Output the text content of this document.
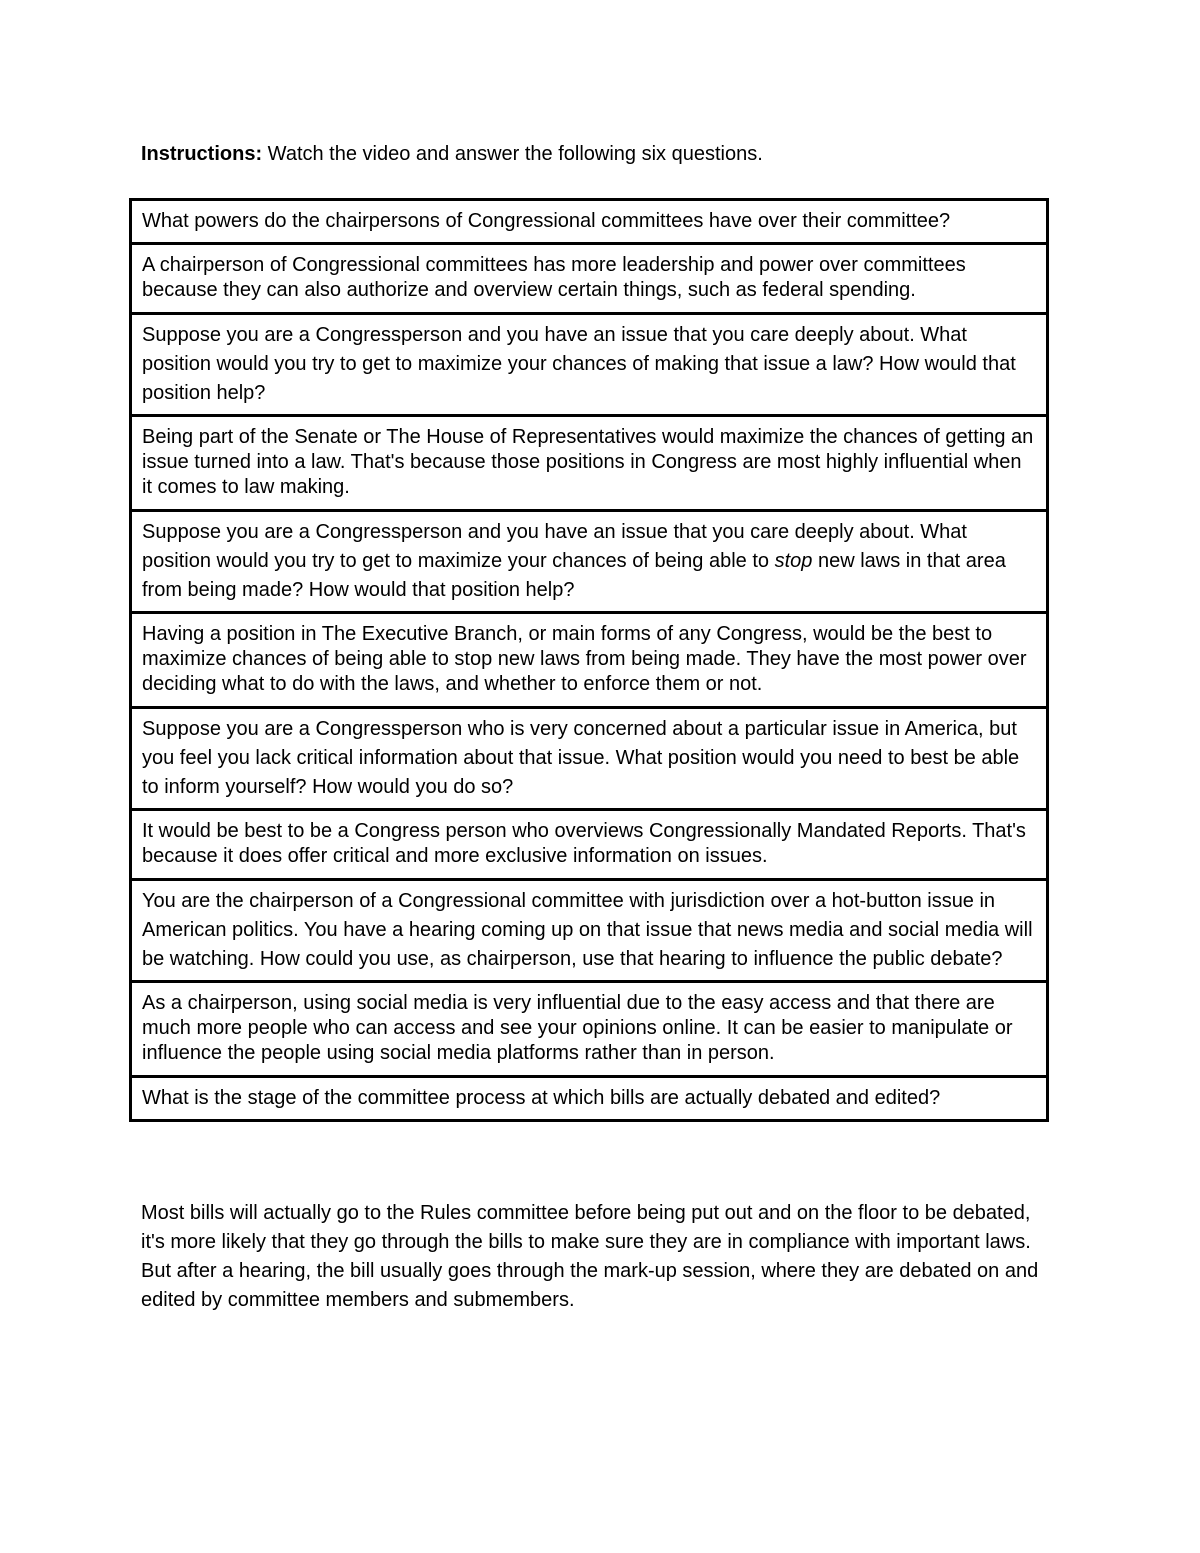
Instructions: Watch the video and answer the following six questions.
What powers do the chairpersons of Congressional committees have over their committee?
A chairperson of Congressional committees has more leadership and power over committees because they can also authorize and overview certain things, such as federal spending.
Suppose you are a Congressperson and you have an issue that you care deeply about. What position would you try to get to maximize your chances of making that issue a law? How would that position help?
Being part of the Senate or The House of Representatives would maximize the chances of getting an issue turned into a law. That's because those positions in Congress are most highly influential when it comes to law making.
Suppose you are a Congressperson and you have an issue that you care deeply about. What position would you try to get to maximize your chances of being able to stop new laws in that area from being made? How would that position help?
Having a position in The Executive Branch, or main forms of any Congress, would be the best to maximize chances of being able to stop new laws from being made. They have the most power over deciding what to do with the laws, and whether to enforce them or not.
Suppose you are a Congressperson who is very concerned about a particular issue in America, but you feel you lack critical information about that issue. What position would you need to best be able to inform yourself? How would you do so?
It would be best to be a Congress person who overviews Congressionally Mandated Reports. That's because it does offer critical and more exclusive information on issues.
You are the chairperson of a Congressional committee with jurisdiction over a hot-button issue in American politics. You have a hearing coming up on that issue that news media and social media will be watching. How could you use, as chairperson, use that hearing to influence the public debate?
As a chairperson, using social media is very influential due to the easy access and that there are much more people who can access and see your opinions online. It can be easier to manipulate or influence the people using social media platforms rather than in person.
What is the stage of the committee process at which bills are actually debated and edited?
Most bills will actually go to the Rules committee before being put out and on the floor to be debated, it's more likely that they go through the bills to make sure they are in compliance with important laws. But after a hearing, the bill usually goes through the mark-up session, where they are debated on and edited by committee members and submembers.
